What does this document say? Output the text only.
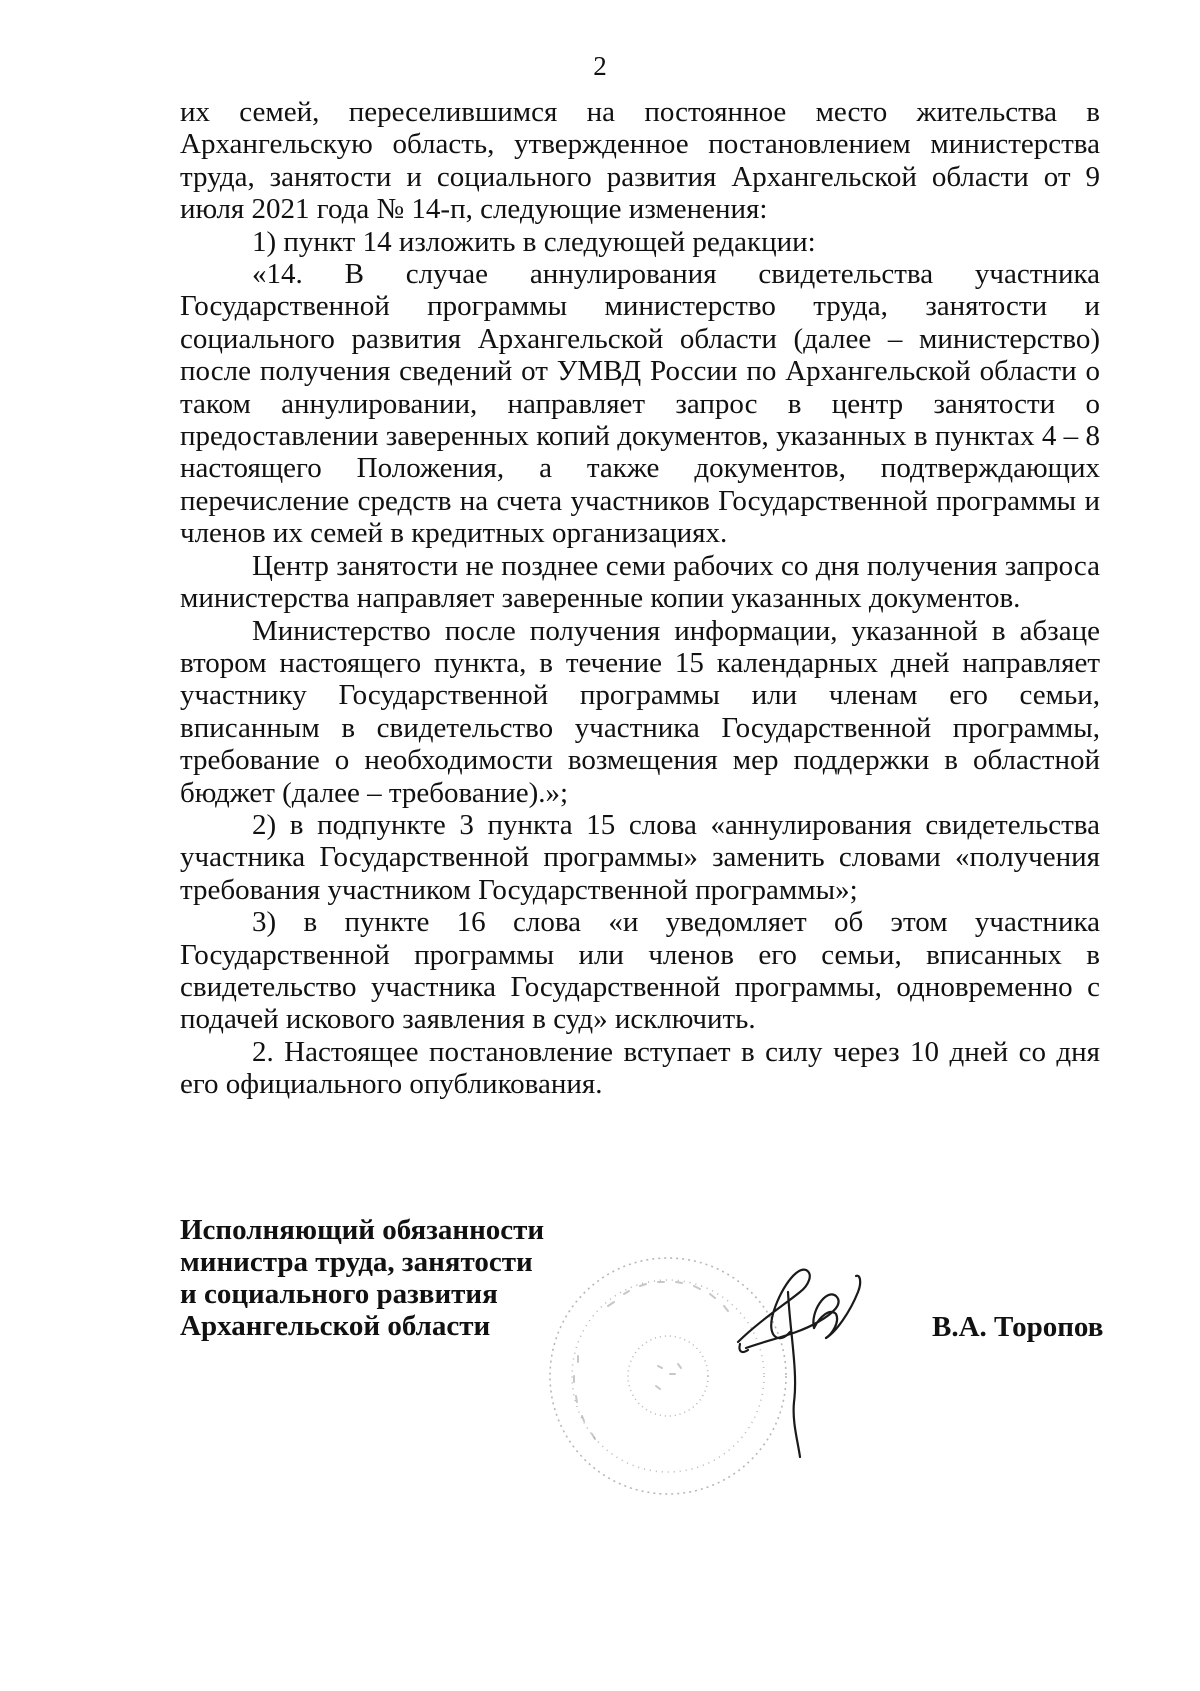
2

их семей, переселившимся на постоянное место жительства в Архангельскую область, утвержденное постановлением министерства труда, занятости и социального развития Архангельской области от 9 июля 2021 года № 14-п, следующие изменения:

1) пункт 14 изложить в следующей редакции:

«14. В случае аннулирования свидетельства участника Государственной программы министерство труда, занятости и социального развития Архангельской области (далее – министерство) после получения сведений от УМВД России по Архангельской области о таком аннулировании, направляет запрос в центр занятости о предоставлении заверенных копий документов, указанных в пунктах 4 – 8 настоящего Положения, а также документов, подтверждающих перечисление средств на счета участников Государственной программы и членов их семей в кредитных организациях.

Центр занятости не позднее семи рабочих со дня получения запроса министерства направляет заверенные копии указанных документов.

Министерство после получения информации, указанной в абзаце втором настоящего пункта, в течение 15 календарных дней направляет участнику Государственной программы или членам его семьи, вписанным в свидетельство участника Государственной программы, требование о необходимости возмещения мер поддержки в областной бюджет (далее – требование).»;

2) в подпункте 3 пункта 15 слова «аннулирования свидетельства участника Государственной программы» заменить словами «получения требования участником Государственной программы»;

3) в пункте 16 слова «и уведомляет об этом участника Государственной программы или членов его семьи, вписанных в свидетельство участника Государственной программы, одновременно с подачей искового заявления в суд» исключить.

2. Настоящее постановление вступает в силу через 10 дней со дня его официального опубликования.

Исполняющий обязанности
министра труда, занятости
и социального развития
Архангельской области	В.А. Торопов
